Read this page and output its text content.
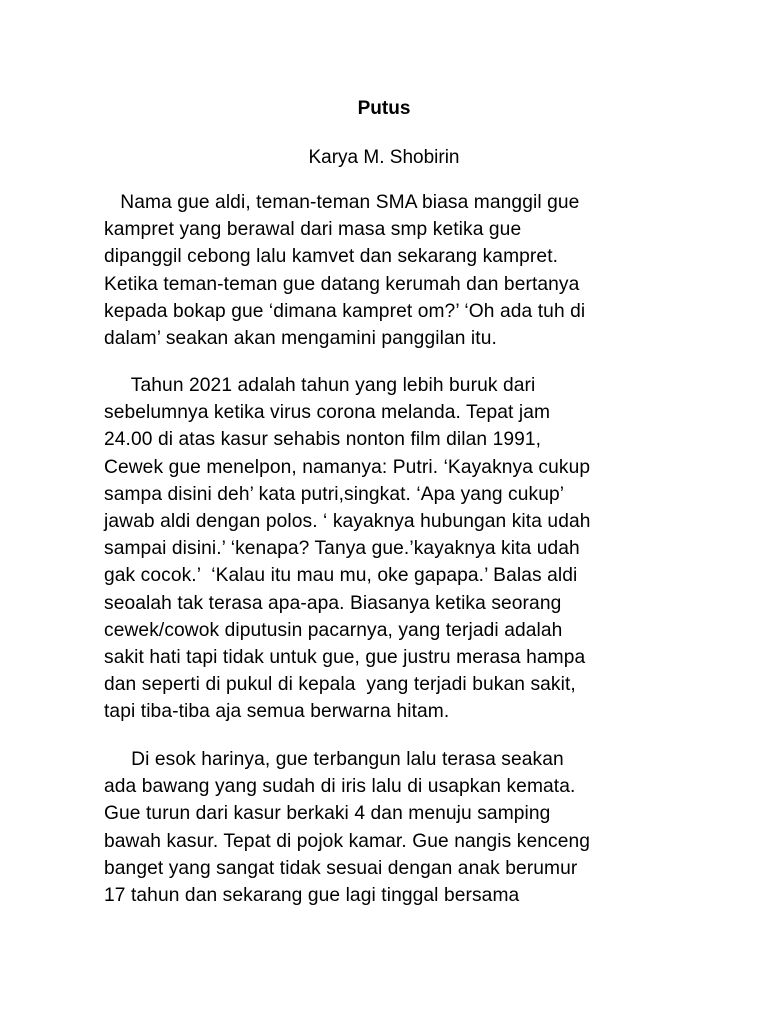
Putus
Karya M. Shobirin
Nama gue aldi, teman-teman SMA biasa manggil gue
kampret yang berawal dari masa smp ketika gue
dipanggil cebong lalu kamvet dan sekarang kampret.
Ketika teman-teman gue datang kerumah dan bertanya
kepada bokap gue ‘dimana kampret om?’ ‘Oh ada tuh di
dalam’ seakan akan mengamini panggilan itu.
Tahun 2021 adalah tahun yang lebih buruk dari
sebelumnya ketika virus corona melanda. Tepat jam
24.00 di atas kasur sehabis nonton film dilan 1991,
Cewek gue menelpon, namanya: Putri. ‘Kayaknya cukup
sampa disini deh’ kata putri,singkat. ‘Apa yang cukup’
jawab aldi dengan polos. ‘ kayaknya hubungan kita udah
sampai disini.’ ‘kenapa? Tanya gue.’kayaknya kita udah
gak cocok.’  ‘Kalau itu mau mu, oke gapapa.’ Balas aldi
seoalah tak terasa apa-apa. Biasanya ketika seorang
cewek/cowok diputusin pacarnya, yang terjadi adalah
sakit hati tapi tidak untuk gue, gue justru merasa hampa
dan seperti di pukul di kepala  yang terjadi bukan sakit,
tapi tiba-tiba aja semua berwarna hitam.
Di esok harinya, gue terbangun lalu terasa seakan
ada bawang yang sudah di iris lalu di usapkan kemata.
Gue turun dari kasur berkaki 4 dan menuju samping
bawah kasur. Tepat di pojok kamar. Gue nangis kenceng
banget yang sangat tidak sesuai dengan anak berumur
17 tahun dan sekarang gue lagi tinggal bersama
